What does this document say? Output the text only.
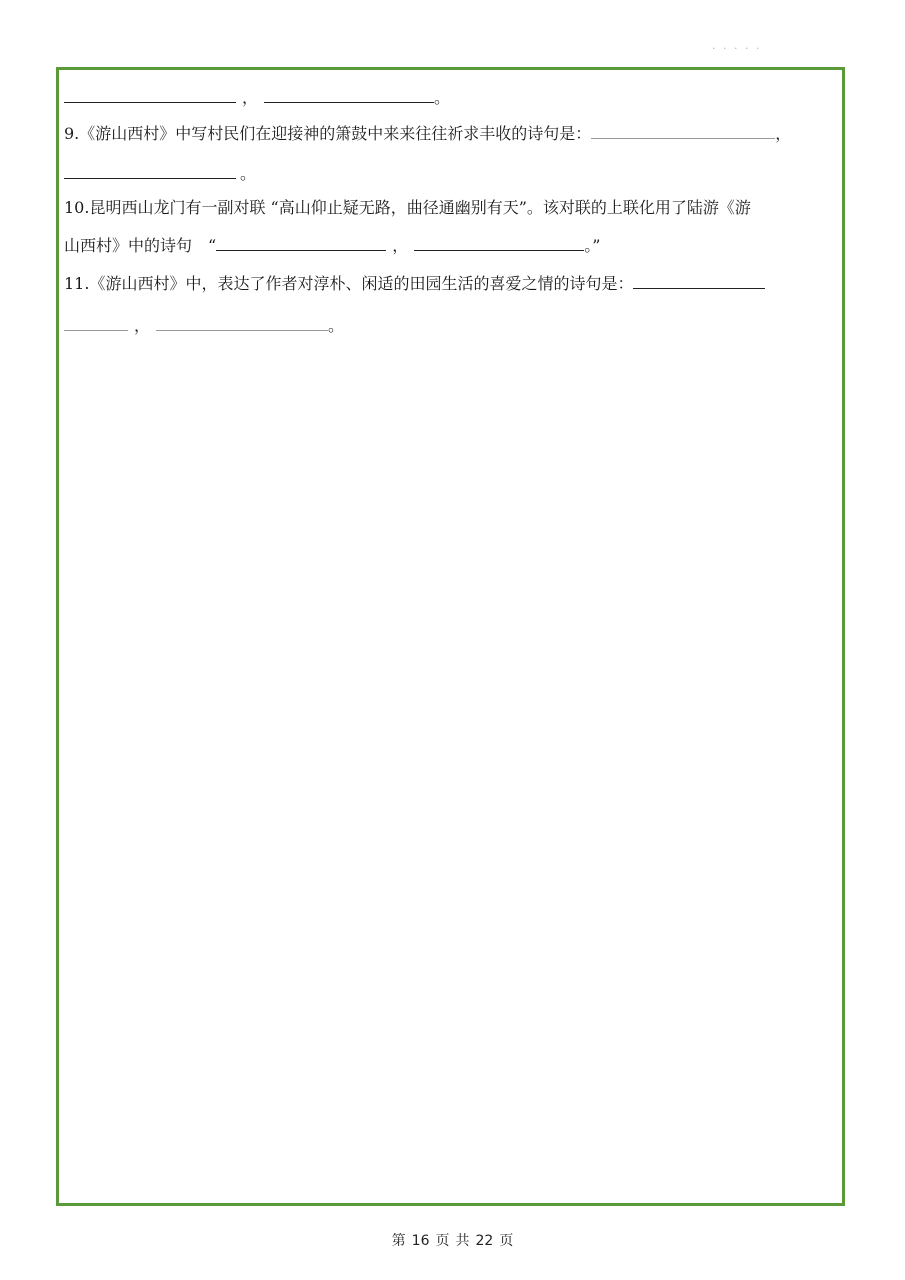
· · · · ·
，	。
9.《游山西村》中写村民们在迎接神的箫鼓中来来往往祈求丰收的诗句是：	，
。
10.昆明西山龙门有一副对联 “高山仰止疑无路，曲径通幽别有天”。该对联的上联化用了陆游《游
山西村》中的诗句　“	，	。”
11.《游山西村》中，表达了作者对淳朴、闲适的田园生活的喜爱之情的诗句是：
，	。
第 16 页 共 22 页
